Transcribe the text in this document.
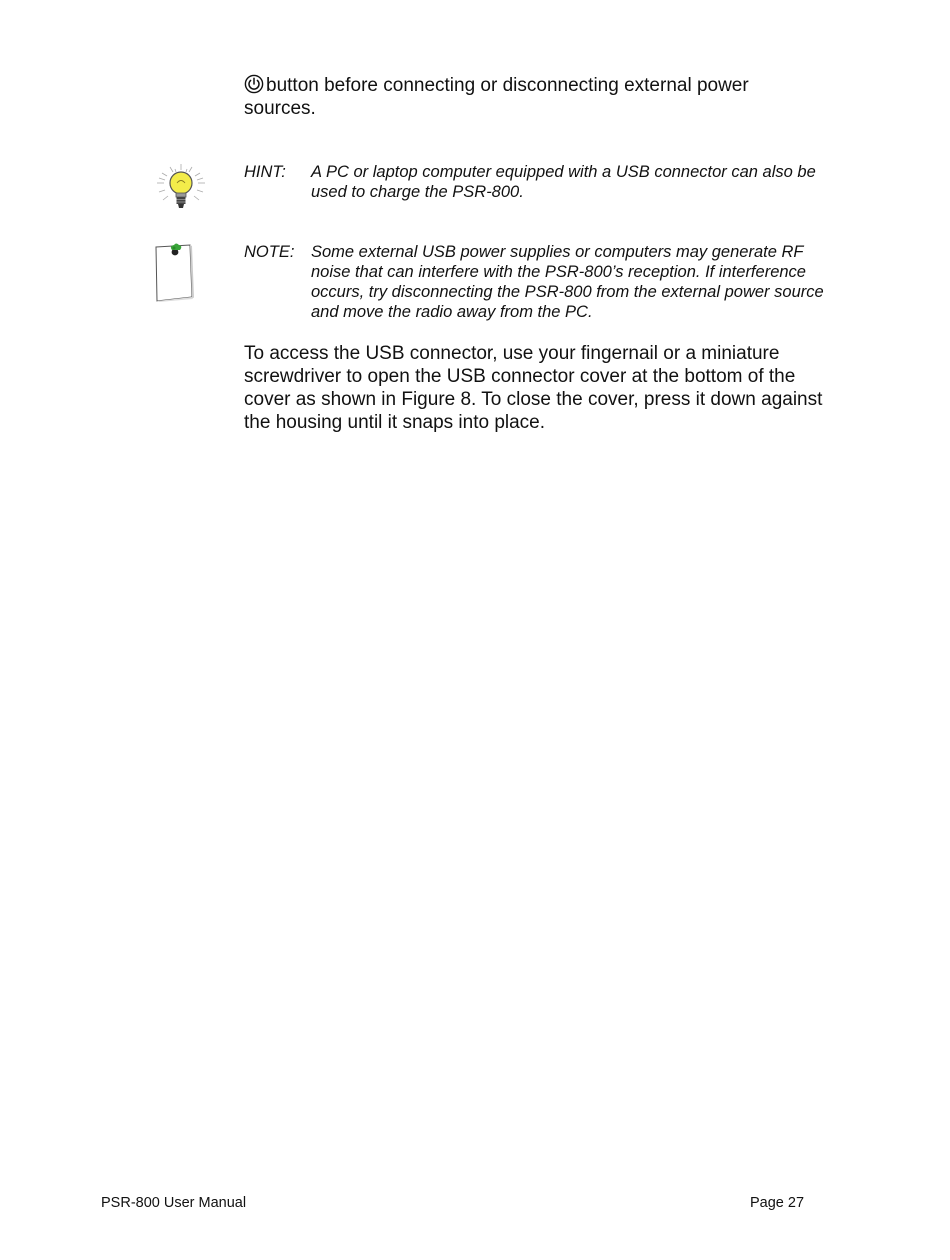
button before connecting or disconnecting external power sources.
HINT: A PC or laptop computer equipped with a USB connector can also be used to charge the PSR-800.
NOTE: Some external USB power supplies or computers may generate RF noise that can interfere with the PSR-800’s reception. If interference occurs, try disconnecting the PSR-800 from the external power source and move the radio away from the PC.
To access the USB connector, use your fingernail or a miniature screwdriver to open the USB connector cover at the bottom of the cover as shown in Figure 8. To close the cover, press it down against the housing until it snaps into place.
PSR-800 User Manual	Page 27
